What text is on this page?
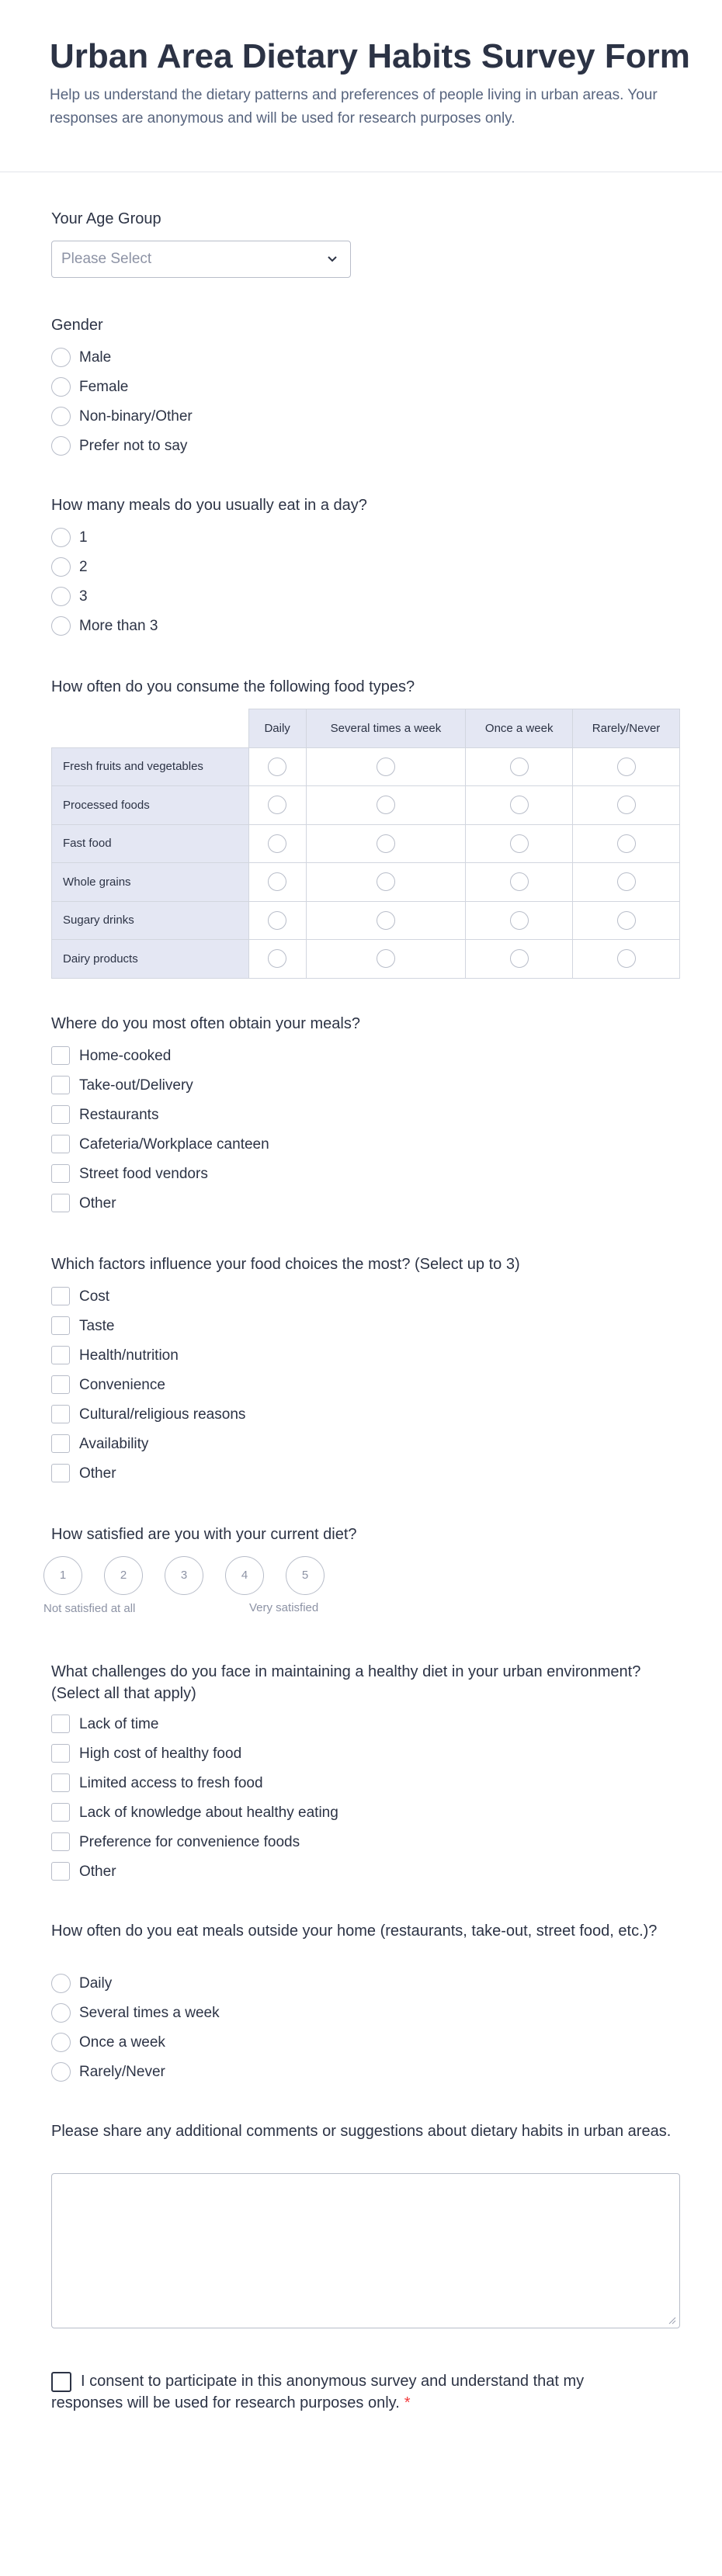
Urban Area Dietary Habits Survey Form

Help us understand the dietary patterns and preferences of people living in urban areas. Your responses are anonymous and will be used for research purposes only.

Your Age Group
Please Select
Gender
Male
Female
Non-binary/Other
Prefer not to say
How many meals do you usually eat in a day?
1
2
3
More than 3
How often do you consume the following food types?
	Daily	Several times a week	Once a week	Rarely/Never
Fresh fruits and vegetables				
Processed foods				
Fast food				
Whole grains				
Sugary drinks				
Dairy products				
Where do you most often obtain your meals?
Home-cooked
Take-out/Delivery
Restaurants
Cafeteria/Workplace canteen
Street food vendors
Other
Which factors influence your food choices the most? (Select up to 3)
Cost
Taste
Health/nutrition
Convenience
Cultural/religious reasons
Availability
Other
How satisfied are you with your current diet?
1	2	3	4	5
Not satisfied at all	Very satisfied
What challenges do you face in maintaining a healthy diet in your urban environment? (Select all that apply)
Lack of time
High cost of healthy food
Limited access to fresh food
Lack of knowledge about healthy eating
Preference for convenience foods
Other
How often do you eat meals outside your home (restaurants, take-out, street food, etc.)?
Daily
Several times a week
Once a week
Rarely/Never
Please share any additional comments or suggestions about dietary habits in urban areas.
I consent to participate in this anonymous survey and understand that my responses will be used for research purposes only. *
